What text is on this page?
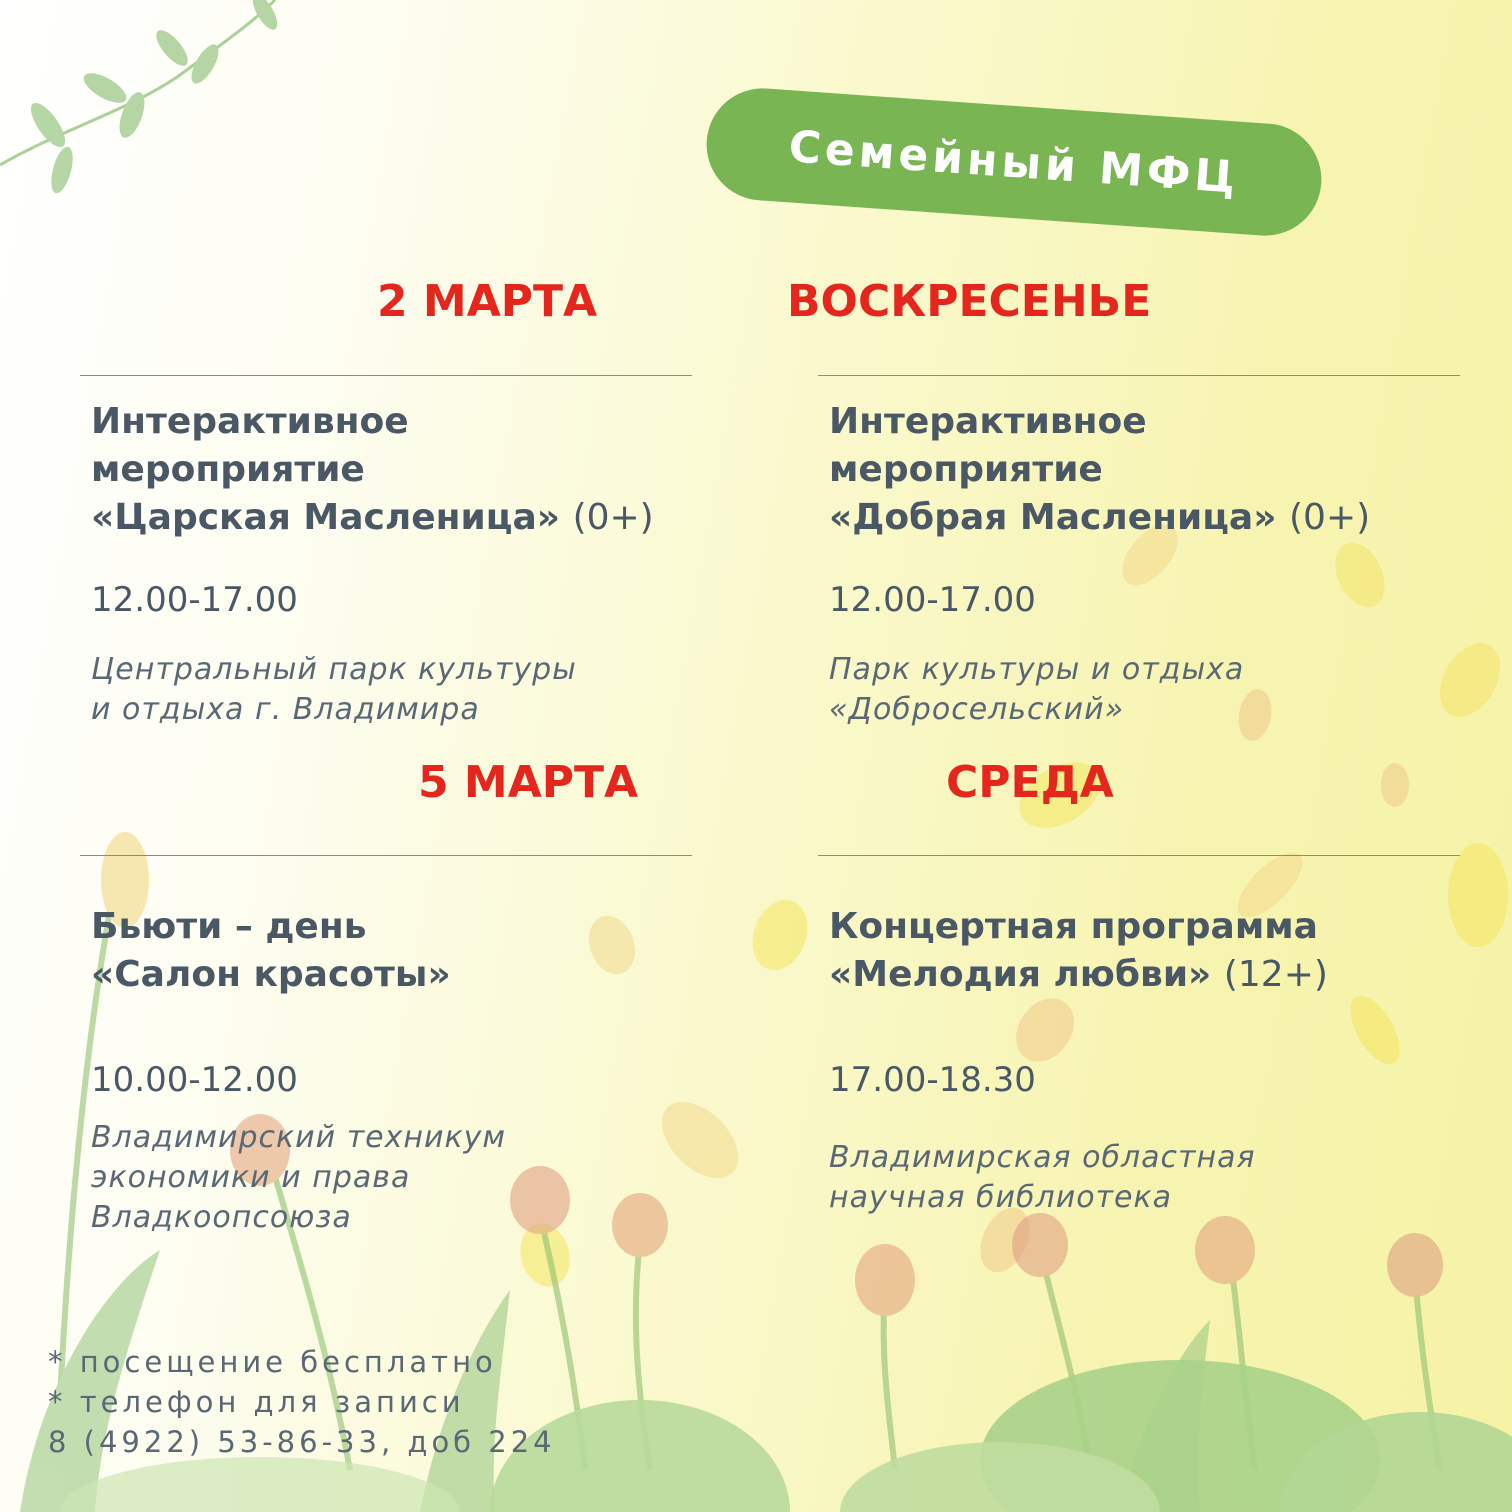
Семейный МФЦ
2 МАРТА	ВОСКРЕСЕНЬЕ
5 МАРТА	СРЕДА
Интерактивное
мероприятие
«Царская Масленица» (0+)
12.00-17.00
Центральный парк культуры
и отдыха г. Владимира
Интерактивное
мероприятие
«Добрая Масленица» (0+)
12.00-17.00
Парк культуры и отдыха
«Добросельский»
Бьюти – день
«Салон красоты»
10.00-12.00
Владимирский техникум
экономики и права
Владкоопсоюза
Концертная программа
«Мелодия любви» (12+)
17.00-18.30
Владимирская областная
научная библиотека
* посещение бесплатно
* телефон для записи
8 (4922) 53-86-33, доб 224
